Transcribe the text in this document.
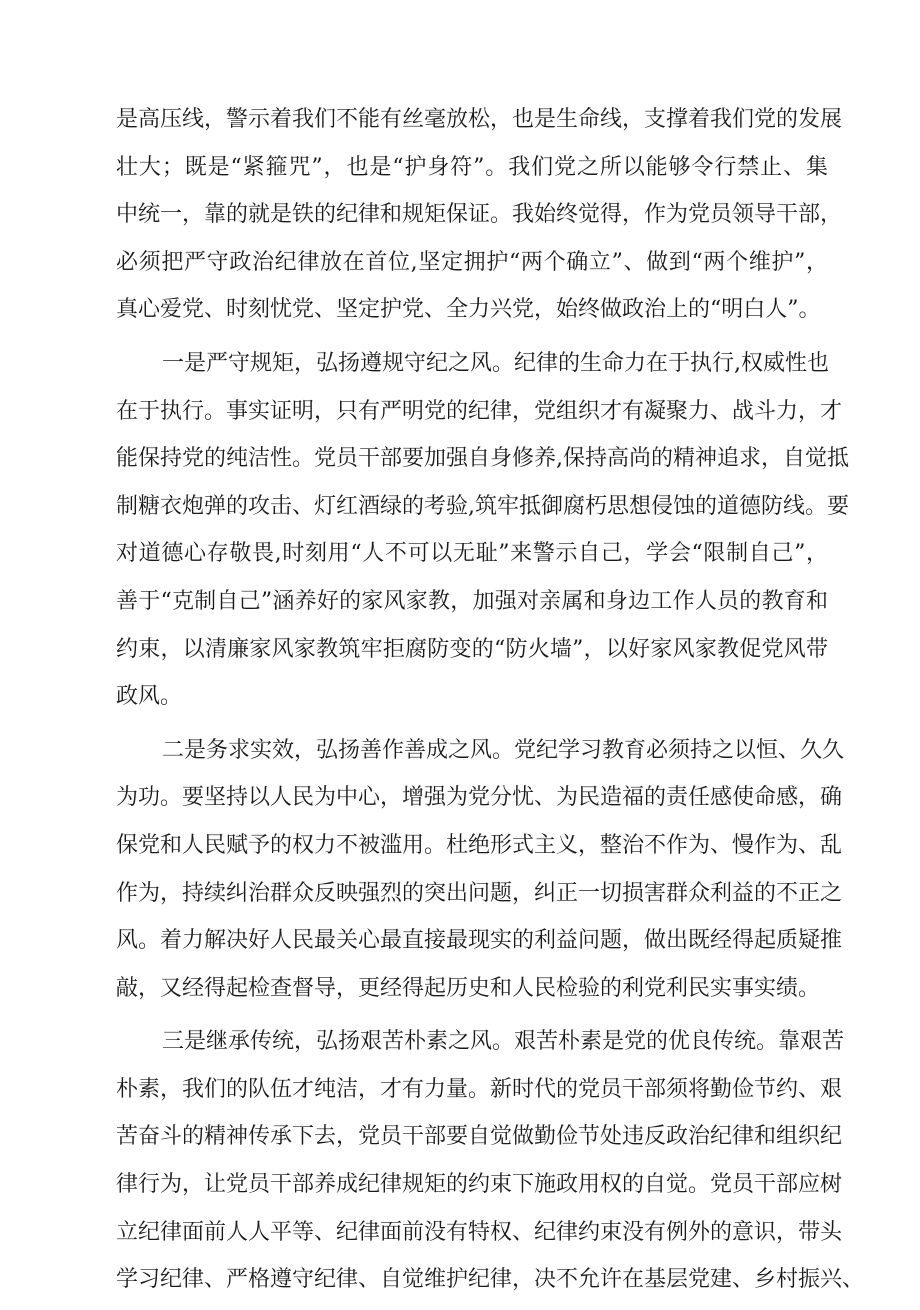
是高压线，警示着我们不能有丝毫放松，也是生命线，支撑着我们党的发展
壮大；既是“紧箍咒”，也是“护身符”。我们党之所以能够令行禁止、集
中统一，靠的就是铁的纪律和规矩保证。我始终觉得，作为党员领导干部，
必须把严守政治纪律放在首位,坚定拥护“两个确立”、做到“两个维护”，
真心爱党、时刻忧党、坚定护党、全力兴党，始终做政治上的“明白人”。
一是严守规矩，弘扬遵规守纪之风。纪律的生命力在于执行,权威性也
在于执行。事实证明，只有严明党的纪律，党组织才有凝聚力、战斗力，才
能保持党的纯洁性。党员干部要加强自身修养,保持高尚的精神追求，自觉抵
制糖衣炮弹的攻击、灯红酒绿的考验,筑牢抵御腐朽思想侵蚀的道德防线。要
对道德心存敬畏,时刻用“人不可以无耻”来警示自己，学会“限制自己”，
善于“克制自己”涵养好的家风家教，加强对亲属和身边工作人员的教育和
约束，以清廉家风家教筑牢拒腐防变的“防火墙”，以好家风家教促党风带
政风。
二是务求实效，弘扬善作善成之风。党纪学习教育必须持之以恒、久久
为功。要坚持以人民为中心，增强为党分忧、为民造福的责任感使命感，确
保党和人民赋予的权力不被滥用。杜绝形式主义，整治不作为、慢作为、乱
作为，持续纠治群众反映强烈的突出问题，纠正一切损害群众利益的不正之
风。着力解决好人民最关心最直接最现实的利益问题，做出既经得起质疑推
敲，又经得起检查督导，更经得起历史和人民检验的利党利民实事实绩。
三是继承传统，弘扬艰苦朴素之风。艰苦朴素是党的优良传统。靠艰苦
朴素，我们的队伍才纯洁，才有力量。新时代的党员干部须将勤俭节约、艰
苦奋斗的精神传承下去，党员干部要自觉做勤俭节处违反政治纪律和组织纪
律行为，让党员干部养成纪律规矩的约束下施政用权的自觉。党员干部应树
立纪律面前人人平等、纪律面前没有特权、纪律约束没有例外的意识，带头
学习纪律、严格遵守纪律、自觉维护纪律，决不允许在基层党建、乡村振兴、
